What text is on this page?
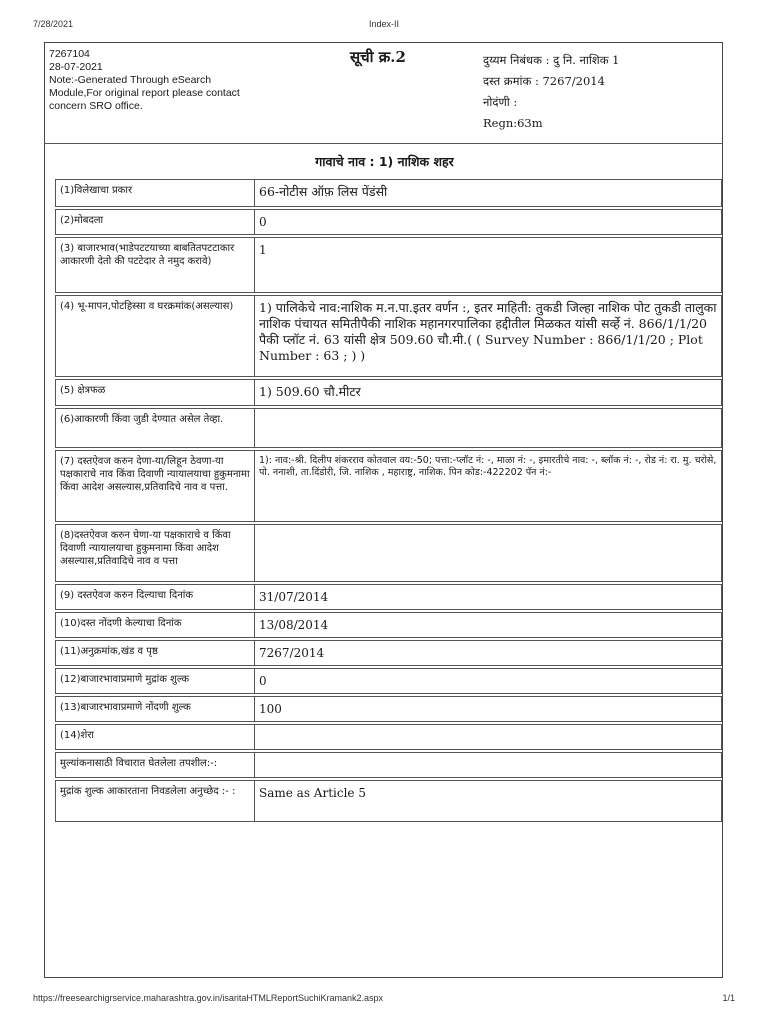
7/28/2021	Index-II
7267104
28-07-2021
Note:-Generated Through eSearch
Module,For original report please contact
concern SRO office.
सूची क्र.2	दुय्यम निबंधक : दु नि. नाशिक 1
दस्त क्रमांक : 7267/2014
नोदंणी :
Regn:63m
गावाचे नाव : 1) नाशिक शहर
(1)विलेखाचा प्रकार	66-नोटीस ऑफ़ लिस पेंडंसी
(2)मोबदला	0
(3) बाजारभाव(भाडेपटटयाच्या बाबतितपटटाकार आकारणी देतो की पटटेदार ते नमुद करावे)	1
(4) भू-मापन,पोटहिस्सा व घरक्रमांक(असल्यास)	1) पालिकेचे नाव:नाशिक म.न.पा.इतर वर्णन :, इतर माहिती: तुकडी जिल्हा नाशिक पोट तुकडी तालुका नाशिक पंचायत समितीपैकी नाशिक महानगरपालिका हद्दीतील मिळकत यांसी सर्व्हे नं. 866/1/1/20 पैकी प्लॉट नं. 63 यांसी क्षेत्र 509.60 चौ.मी.( ( Survey Number : 866/1/1/20 ; Plot Number : 63 ; ) )
(5) क्षेत्रफळ	1) 509.60 चौ.मीटर
(6)आकारणी किंवा जुडी देण्यात असेल तेव्हा.	
(7) दस्तऐवज करुन देणा-या/लिहून ठेवणा-या पक्षकाराचे नाव किंवा दिवाणी न्यायालयाचा हुकुमनामा किंवा आदेश असल्यास,प्रतिवादिचे नाव व पत्ता.	1): नाव:-श्री. दिलीप शंकरराव कोतवाल वय:-50; पत्ता:-प्लॉट नं: -, माळा नं: -, इमारतीचे नाव: -, ब्लॉक नं: -, रोड नं: रा. मु. चरोसे, पो. ननाशी, ता.दिंडोरी, जि. नाशिक , महाराष्ट्र, नाशिक. पिन कोड:-422202 पॅन नं:-
(8)दस्तऐवज करुन घेणा-या पक्षकाराचे व किंवा दिवाणी न्यायालयाचा हुकुमनामा किंवा आदेश असल्यास,प्रतिवादिचे नाव व पत्ता	
(9) दस्तऐवज करुन दिल्याचा दिनांक	31/07/2014
(10)दस्त नोंदणी केल्याचा दिनांक	13/08/2014
(11)अनुक्रमांक,खंड व पृष्ठ	7267/2014
(12)बाजारभावाप्रमाणे मुद्रांक शुल्क	0
(13)बाजारभावाप्रमाणे नोंदणी शुल्क	100
(14)शेरा	
मुल्यांकनासाठी विचारात घेतलेला तपशील:-:	
मुद्रांक शुल्क आकारताना निवडलेला अनुच्छेद :- :	Same as Article 5
https://freesearchigrservice.maharashtra.gov.in/isaritaHTMLReportSuchiKramank2.aspx	1/1
